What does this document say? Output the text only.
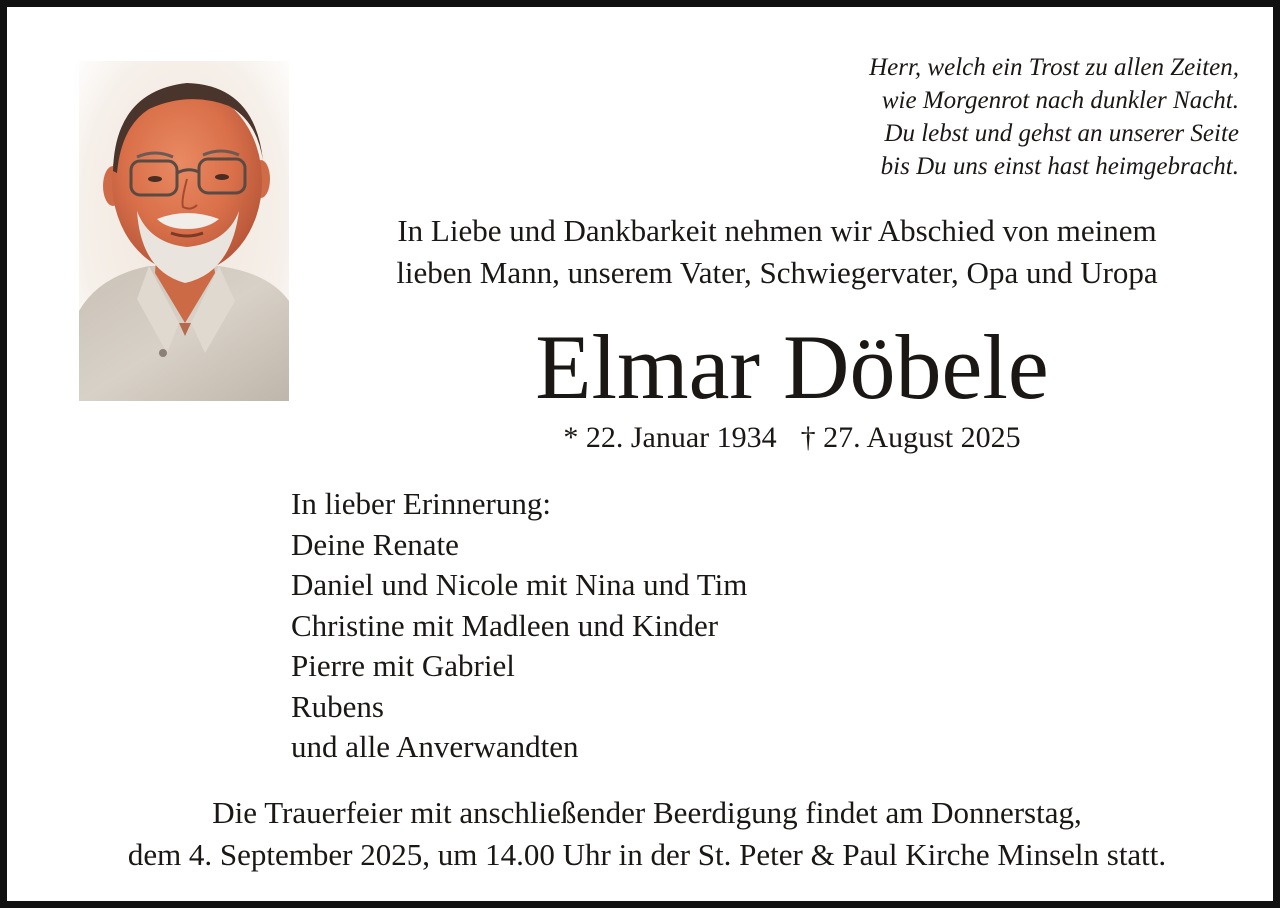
Herr, welch ein Trost zu allen Zeiten,
wie Morgenrot nach dunkler Nacht.
Du lebst und gehst an unserer Seite
bis Du uns einst hast heimgebracht.
In Liebe und Dankbarkeit nehmen wir Abschied von meinem
lieben Mann, unserem Vater, Schwiegervater, Opa und Uropa
Elmar Döbele
* 22. Januar 1934 † 27. August 2025
In lieber Erinnerung:
Deine Renate
Daniel und Nicole mit Nina und Tim
Christine mit Madleen und Kinder
Pierre mit Gabriel
Rubens
und alle Anverwandten
Die Trauerfeier mit anschließender Beerdigung findet am Donnerstag,
dem 4. September 2025, um 14.00 Uhr in der St. Peter & Paul Kirche Minseln statt.
